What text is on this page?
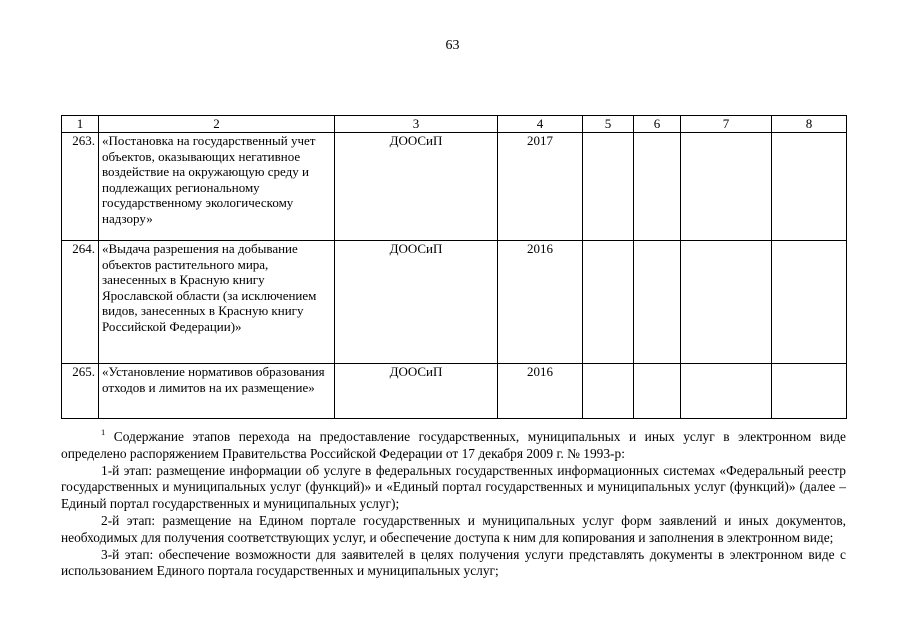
63
1	2	3	4	5	6	7	8
263.	«Постановка на государственный учет объектов, оказывающих негативное воздействие на окружающую среду и подлежащих региональному государственному экологическому надзору»	ДООСиП	2017				
264.	«Выдача разрешения на добывание объектов растительного мира, занесенных в Красную книгу Ярославской области (за исключением видов, занесенных в Красную книгу Российской Федерации)»	ДООСиП	2016				
265.	«Установление нормативов образования отходов и лимитов на их размещение»	ДООСиП	2016				

$^1$ Содержание этапов перехода на предоставление государственных, муниципальных и иных услуг в электронном виде определено распоряжением Правительства Российской Федерации от 17 декабря 2009 г. № 1993-р:

1-й этап: размещение информации об услуге в федеральных государственных информационных системах «Федеральный реестр государственных и муниципальных услуг (функций)» и «Единый портал государственных и муниципальных услуг (функций)» (далее – Единый портал государственных и муниципальных услуг);

2-й этап: размещение на Едином портале государственных и муниципальных услуг форм заявлений и иных документов, необходимых для получения соответствующих услуг, и обеспечение доступа к ним для копирования и заполнения в электронном виде;

3-й этап: обеспечение возможности для заявителей в целях получения услуги представлять документы в электронном виде с использованием Единого портала государственных и муниципальных услуг;
